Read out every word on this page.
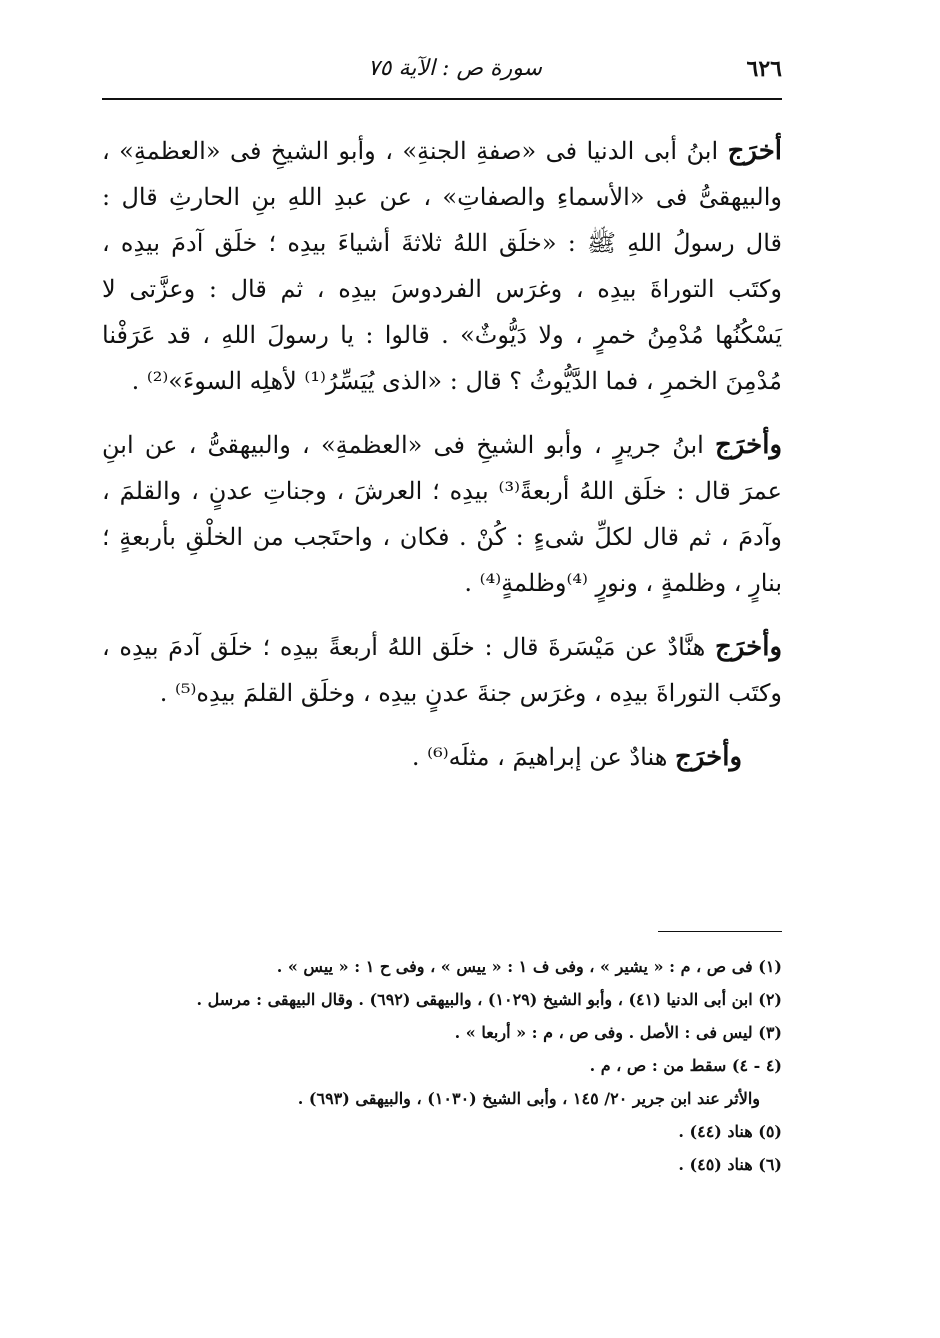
٦٢٦
سورة ص : الآية ٧٥

أخرَج ابنُ أبى الدنيا فى «صفةِ الجنةِ» ، وأبو الشيخِ فى «العظمةِ» ، والبيهقىُّ فى «الأسماءِ والصفاتِ» ، عن عبدِ اللهِ بنِ الحارثِ قال : قال رسولُ اللهِ ﷺ : «خلَق اللهُ ثلاثةَ أشياءَ بيدِه ؛ خلَق آدمَ بيدِه ، وكتَب التوراةَ بيدِه ، وغرَس الفردوسَ بيدِه ، ثم قال : وعزَّتى لا يَسْكُنُها مُدْمِنُ خمرٍ ، ولا دَيُّوثٌ» . قالوا : يا رسولَ اللهِ ، قد عَرَفْنا مُدْمِنَ الخمرِ ، فما الدَّيُّوثُ ؟ قال : «الذى يُيَسِّرُ⁽¹⁾ لأهلِه السوءَ»⁽²⁾ .

وأخرَج ابنُ جريرٍ ، وأبو الشيخِ فى «العظمةِ» ، والبيهقىُّ ، عن ابنِ عمرَ قال : خلَق اللهُ أربعةً⁽³⁾ بيدِه ؛ العرشَ ، وجناتِ عدنٍ ، والقلمَ ، وآدمَ ، ثم قال لكلِّ شىءٍ : كُنْ . فكان ، واحتَجب من الخلْقِ بأربعةٍ ؛ بنارٍ ، وظلمةٍ ، ونورٍ ⁽⁴⁾وظلمةٍ⁽⁴⁾ .

وأخرَج هنَّادٌ عن مَيْسَرةَ قال : خلَق اللهُ أربعةً بيدِه ؛ خلَق آدمَ بيدِه ، وكتَب التوراةَ بيدِه ، وغرَس جنةَ عدنٍ بيدِه ، وخلَق القلمَ بيدِه⁽⁵⁾ .

وأخرَج هنادٌ عن إبراهيمَ ، مثلَه⁽⁶⁾ .

(١) فى ص ، م : « يشير » ، وفى ف ١ : « ييس » ، وفى ح ١ : « ييس » .

(٢) ابن أبى الدنيا (٤١) ، وأبو الشيخ (١٠٢٩) ، والبيهقى (٦٩٢) . وقال البيهقى : مرسل .

(٣) ليس فى : الأصل . وفى ص ، م : « أربعا » .

(٤ - ٤) سقط من : ص ، م .

والأثر عند ابن جرير ٢٠/ ١٤٥ ، وأبى الشيخ (١٠٣٠) ، والبيهقى (٦٩٣) .

(٥) هناد (٤٤) .

(٦) هناد (٤٥) .
